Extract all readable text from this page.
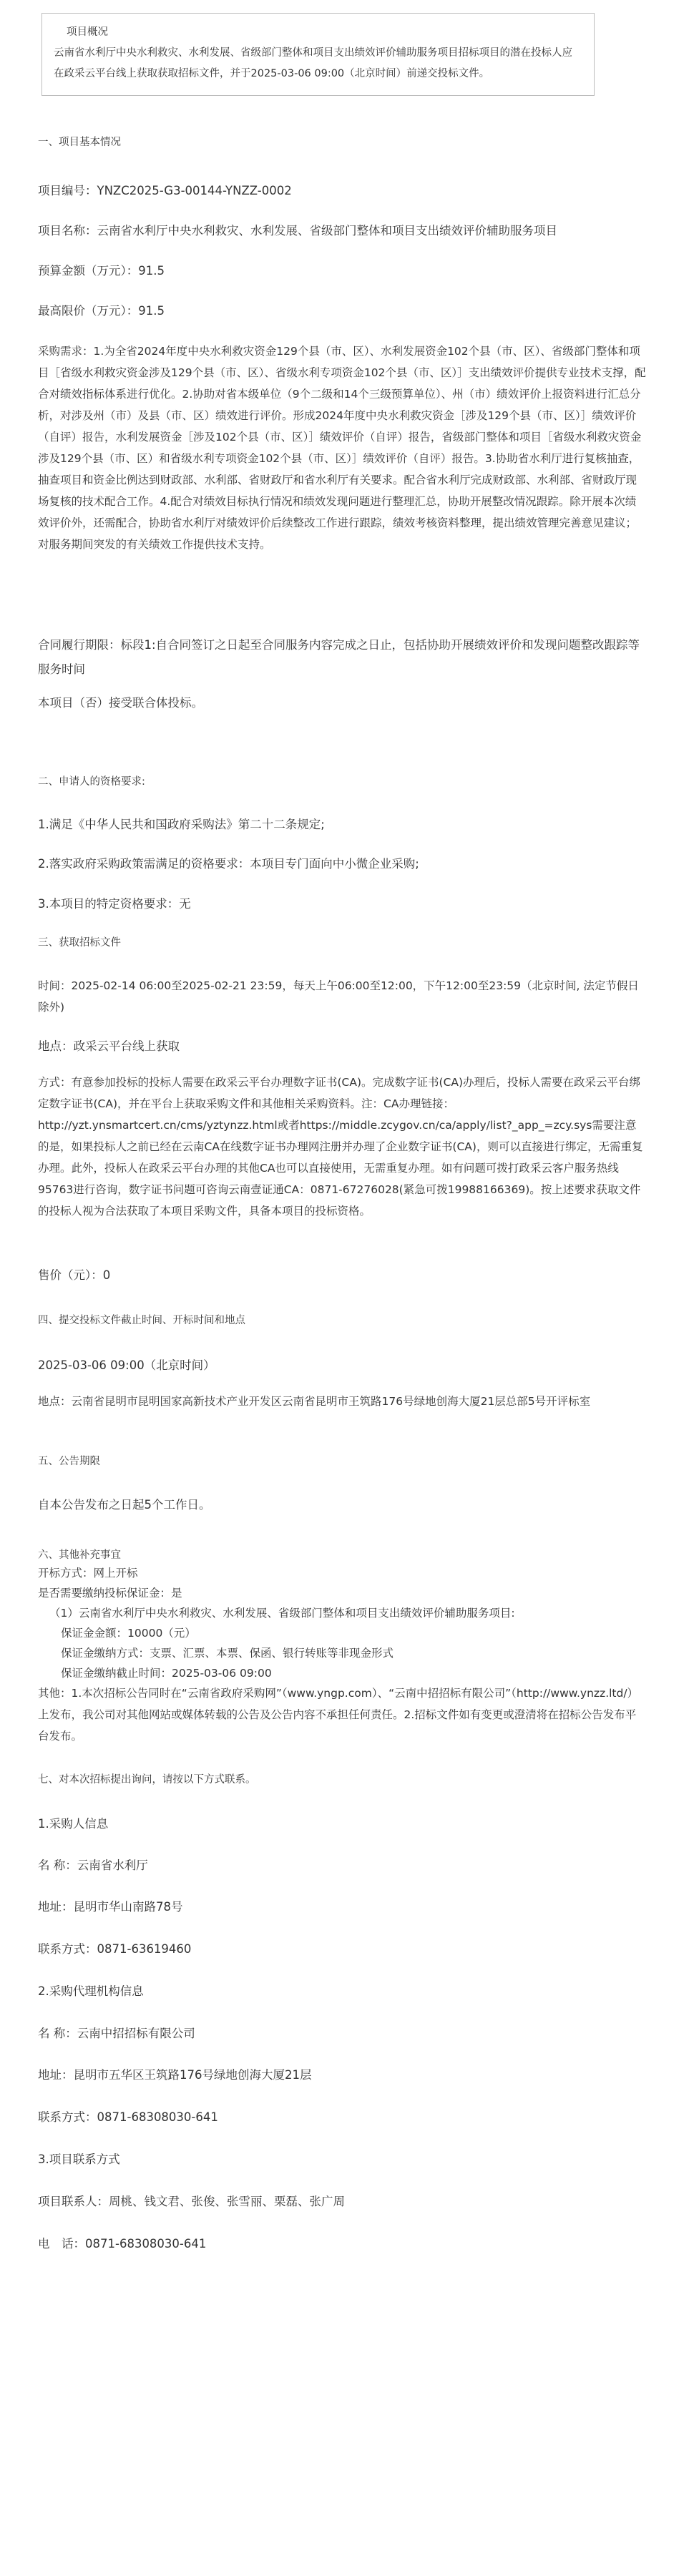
项目概况
云南省水利厅中央水利救灾、水利发展、省级部门整体和项目支出绩效评价辅助服务项目招标项目的潜在投标人应在政采云平台线上获取获取招标文件，并于2025-03-06 09:00（北京时间）前递交投标文件。
一、项目基本情况
项目编号：YNZC2025-G3-00144-YNZZ-0002
项目名称：云南省水利厅中央水利救灾、水利发展、省级部门整体和项目支出绩效评价辅助服务项目
预算金额（万元）：91.5
最高限价（万元）：91.5
采购需求：1.为全省2024年度中央水利救灾资金129个县（市、区）、水利发展资金102个县（市、区）、省级部门整体和项目［省级水利救灾资金涉及129个县（市、区）、省级水利专项资金102个县（市、区）］支出绩效评价提供专业技术支撑，配合对绩效指标体系进行优化。2.协助对省本级单位（9个二级和14个三级预算单位）、州（市）绩效评价上报资料进行汇总分析，对涉及州（市）及县（市、区）绩效进行评价。形成2024年度中央水利救灾资金［涉及129个县（市、区）］绩效评价（自评）报告，水利发展资金［涉及102个县（市、区）］绩效评价（自评）报告，省级部门整体和项目［省级水利救灾资金涉及129个县（市、区）和省级水利专项资金102个县（市、区）］绩效评价（自评）报告。3.协助省水利厅进行复核抽查，抽查项目和资金比例达到财政部、水利部、省财政厅和省水利厅有关要求。配合省水利厅完成财政部、水利部、省财政厅现场复核的技术配合工作。4.配合对绩效目标执行情况和绩效发现问题进行整理汇总，协助开展整改情况跟踪。除开展本次绩效评价外，还需配合，协助省水利厅对绩效评价后续整改工作进行跟踪，绩效考核资料整理，提出绩效管理完善意见建议；对服务期间突发的有关绩效工作提供技术支持。
合同履行期限：标段1:自合同签订之日起至合同服务内容完成之日止，包括协助开展绩效评价和发现问题整改跟踪等服务时间
本项目（否）接受联合体投标。
二、申请人的资格要求:
1.满足《中华人民共和国政府采购法》第二十二条规定;
2.落实政府采购政策需满足的资格要求：本项目专门面向中小微企业采购;
3.本项目的特定资格要求：无
三、获取招标文件
时间：2025-02-14 06:00至2025-02-21 23:59，每天上午06:00至12:00，下午12:00至23:59（北京时间, 法定节假日除外)
地点：政采云平台线上获取
方式：有意参加投标的投标人需要在政采云平台办理数字证书(CA)。完成数字证书(CA)办理后，投标人需要在政采云平台绑定数字证书(CA)，并在平台上获取采购文件和其他相关采购资料。注：CA办理链接：http://yzt.ynsmartcert.cn/cms/yztynzz.html或者https://middle.zcygov.cn/ca/apply/list?_app_=zcy.sys需要注意的是，如果投标人之前已经在云南CA在线数字证书办理网注册并办理了企业数字证书(CA)，则可以直接进行绑定，无需重复办理。此外，投标人在政采云平台办理的其他CA也可以直接使用，无需重复办理。如有问题可拨打政采云客户服务热线95763进行咨询，数字证书问题可咨询云南壹证通CA：0871-67276028(紧急可拨19988166369)。按上述要求获取文件的投标人视为合法获取了本项目采购文件，具备本项目的投标资格。
售价（元）：0
四、提交投标文件截止时间、开标时间和地点
2025-03-06 09:00（北京时间）
地点：云南省昆明市昆明国家高新技术产业开发区云南省昆明市王筑路176号绿地创海大厦21层总部5号开评标室
五、公告期限
自本公告发布之日起5个工作日。
六、其他补充事宜
开标方式：网上开标
是否需要缴纳投标保证金：是
（1）云南省水利厅中央水利救灾、水利发展、省级部门整体和项目支出绩效评价辅助服务项目:
保证金金额：10000（元）
保证金缴纳方式：支票、汇票、本票、保函、银行转账等非现金形式
保证金缴纳截止时间：2025-03-06 09:00
其他：1.本次招标公告同时在“云南省政府采购网”（www.yngp.com）、“云南中招招标有限公司”（http://www.ynzz.ltd/）上发布，我公司对其他网站或媒体转载的公告及公告内容不承担任何责任。2.招标文件如有变更或澄清将在招标公告发布平台发布。
七、对本次招标提出询问，请按以下方式联系。
1.采购人信息
名 称：云南省水利厅
地址：昆明市华山南路78号
联系方式：0871-63619460
2.采购代理机构信息
名 称：云南中招招标有限公司
地址：昆明市五华区王筑路176号绿地创海大厦21层
联系方式：0871-68308030-641
3.项目联系方式
项目联系人：周桃、钱文君、张俊、张雪丽、栗磊、张广周
电　话：0871-68308030-641
